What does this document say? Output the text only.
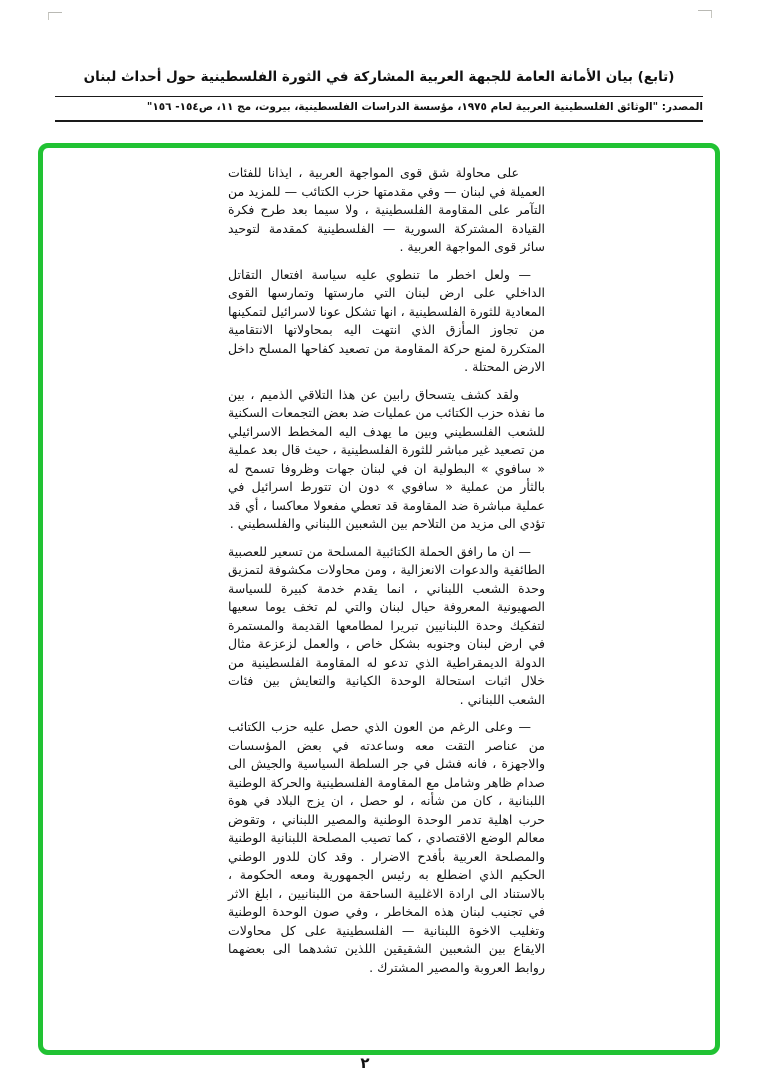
(تابع) بيان الأمانة العامة للجبهة العربية المشاركة في الثورة الفلسطينية حول أحداث لبنان
المصدر: "الوثائق الفلسطينية العربية لعام ١٩٧٥، مؤسسة الدراسات الفلسطينية، بيروت، مج ١١، ص١٥٤- ١٥٦"

على محاولة شق قوى المواجهة العربية ، ايذانا للفئات العميلة في لبنان — وفي مقدمتها حزب الكتائب — للمزيد من التآمر على المقاومة الفلسطينية ، ولا سيما بعد طرح فكرة القيادة المشتركة السورية — الفلسطينية كمقدمة لتوحيد سائر قوى المواجهة العربية .

— ولعل اخطر ما تنطوي عليه سياسة افتعال التقاتل الداخلي على ارض لبنان التي مارستها وتمارسها القوى المعادية للثورة الفلسطينية ، انها تشكل عونا لاسرائيل لتمكينها من تجاوز المأزق الذي انتهت اليه بمحاولاتها الانتقامية المتكررة لمنع حركة المقاومة من تصعيد كفاحها المسلح داخل الارض المحتلة .

ولقد كشف يتسحاق رابين عن هذا التلاقي الذميم ، بين ما نفذه حزب الكتائب من عمليات ضد بعض التجمعات السكنية للشعب الفلسطيني وبين ما يهدف اليه المخطط الاسرائيلي من تصعيد غير مباشر للثورة الفلسطينية ، حيث قال بعد عملية « سافوي » البطولية ان في لبنان جهات وظروفا تسمح له بالثأر من عملية « سافوي » دون ان تتورط اسرائيل في عملية مباشرة ضد المقاومة قد تعطي مفعولا معاكسا ، أي قد تؤدي الى مزيد من التلاحم بين الشعبين اللبناني والفلسطيني .

— ان ما رافق الحملة الكتائبية المسلحة من تسعير للعصبية الطائفية والدعوات الانعزالية ، ومن محاولات مكشوفة لتمزيق وحدة الشعب اللبناني ، انما يقدم خدمة كبيرة للسياسة الصهيونية المعروفة حيال لبنان والتي لم تخف يوما سعيها لتفكيك وحدة اللبنانيين تبريرا لمطامعها القديمة والمستمرة في ارض لبنان وجنوبه بشكل خاص ، والعمل لزعزعة مثال الدولة الديمقراطية الذي تدعو له المقاومة الفلسطينية من خلال اثبات استحالة الوحدة الكيانية والتعايش بين فئات الشعب اللبناني .

— وعلى الرغم من العون الذي حصل عليه حزب الكتائب من عناصر التقت معه وساعدته في بعض المؤسسات والاجهزة ، فانه فشل في جر السلطة السياسية والجيش الى صدام ظاهر وشامل مع المقاومة الفلسطينية والحركة الوطنية اللبنانية ، كان من شأنه ، لو حصل ، ان يزج البلاد في هوة حرب اهلية تدمر الوحدة الوطنية والمصير اللبناني ، وتقوض معالم الوضع الاقتصادي ، كما تصيب المصلحة اللبنانية الوطنية والمصلحة العربية بأفدح الاضرار . وقد كان للدور الوطني الحكيم الذي اضطلع به رئيس الجمهورية ومعه الحكومة ، بالاستناد الى ارادة الاغلبية الساحقة من اللبنانيين ، ابلغ الاثر في تجنيب لبنان هذه المخاطر ، وفي صون الوحدة الوطنية وتغليب الاخوة اللبنانية — الفلسطينية على كل محاولات الايقاع بين الشعبين الشقيقين اللذين تشدهما الى بعضهما روابط العروبة والمصير المشترك .

٢
